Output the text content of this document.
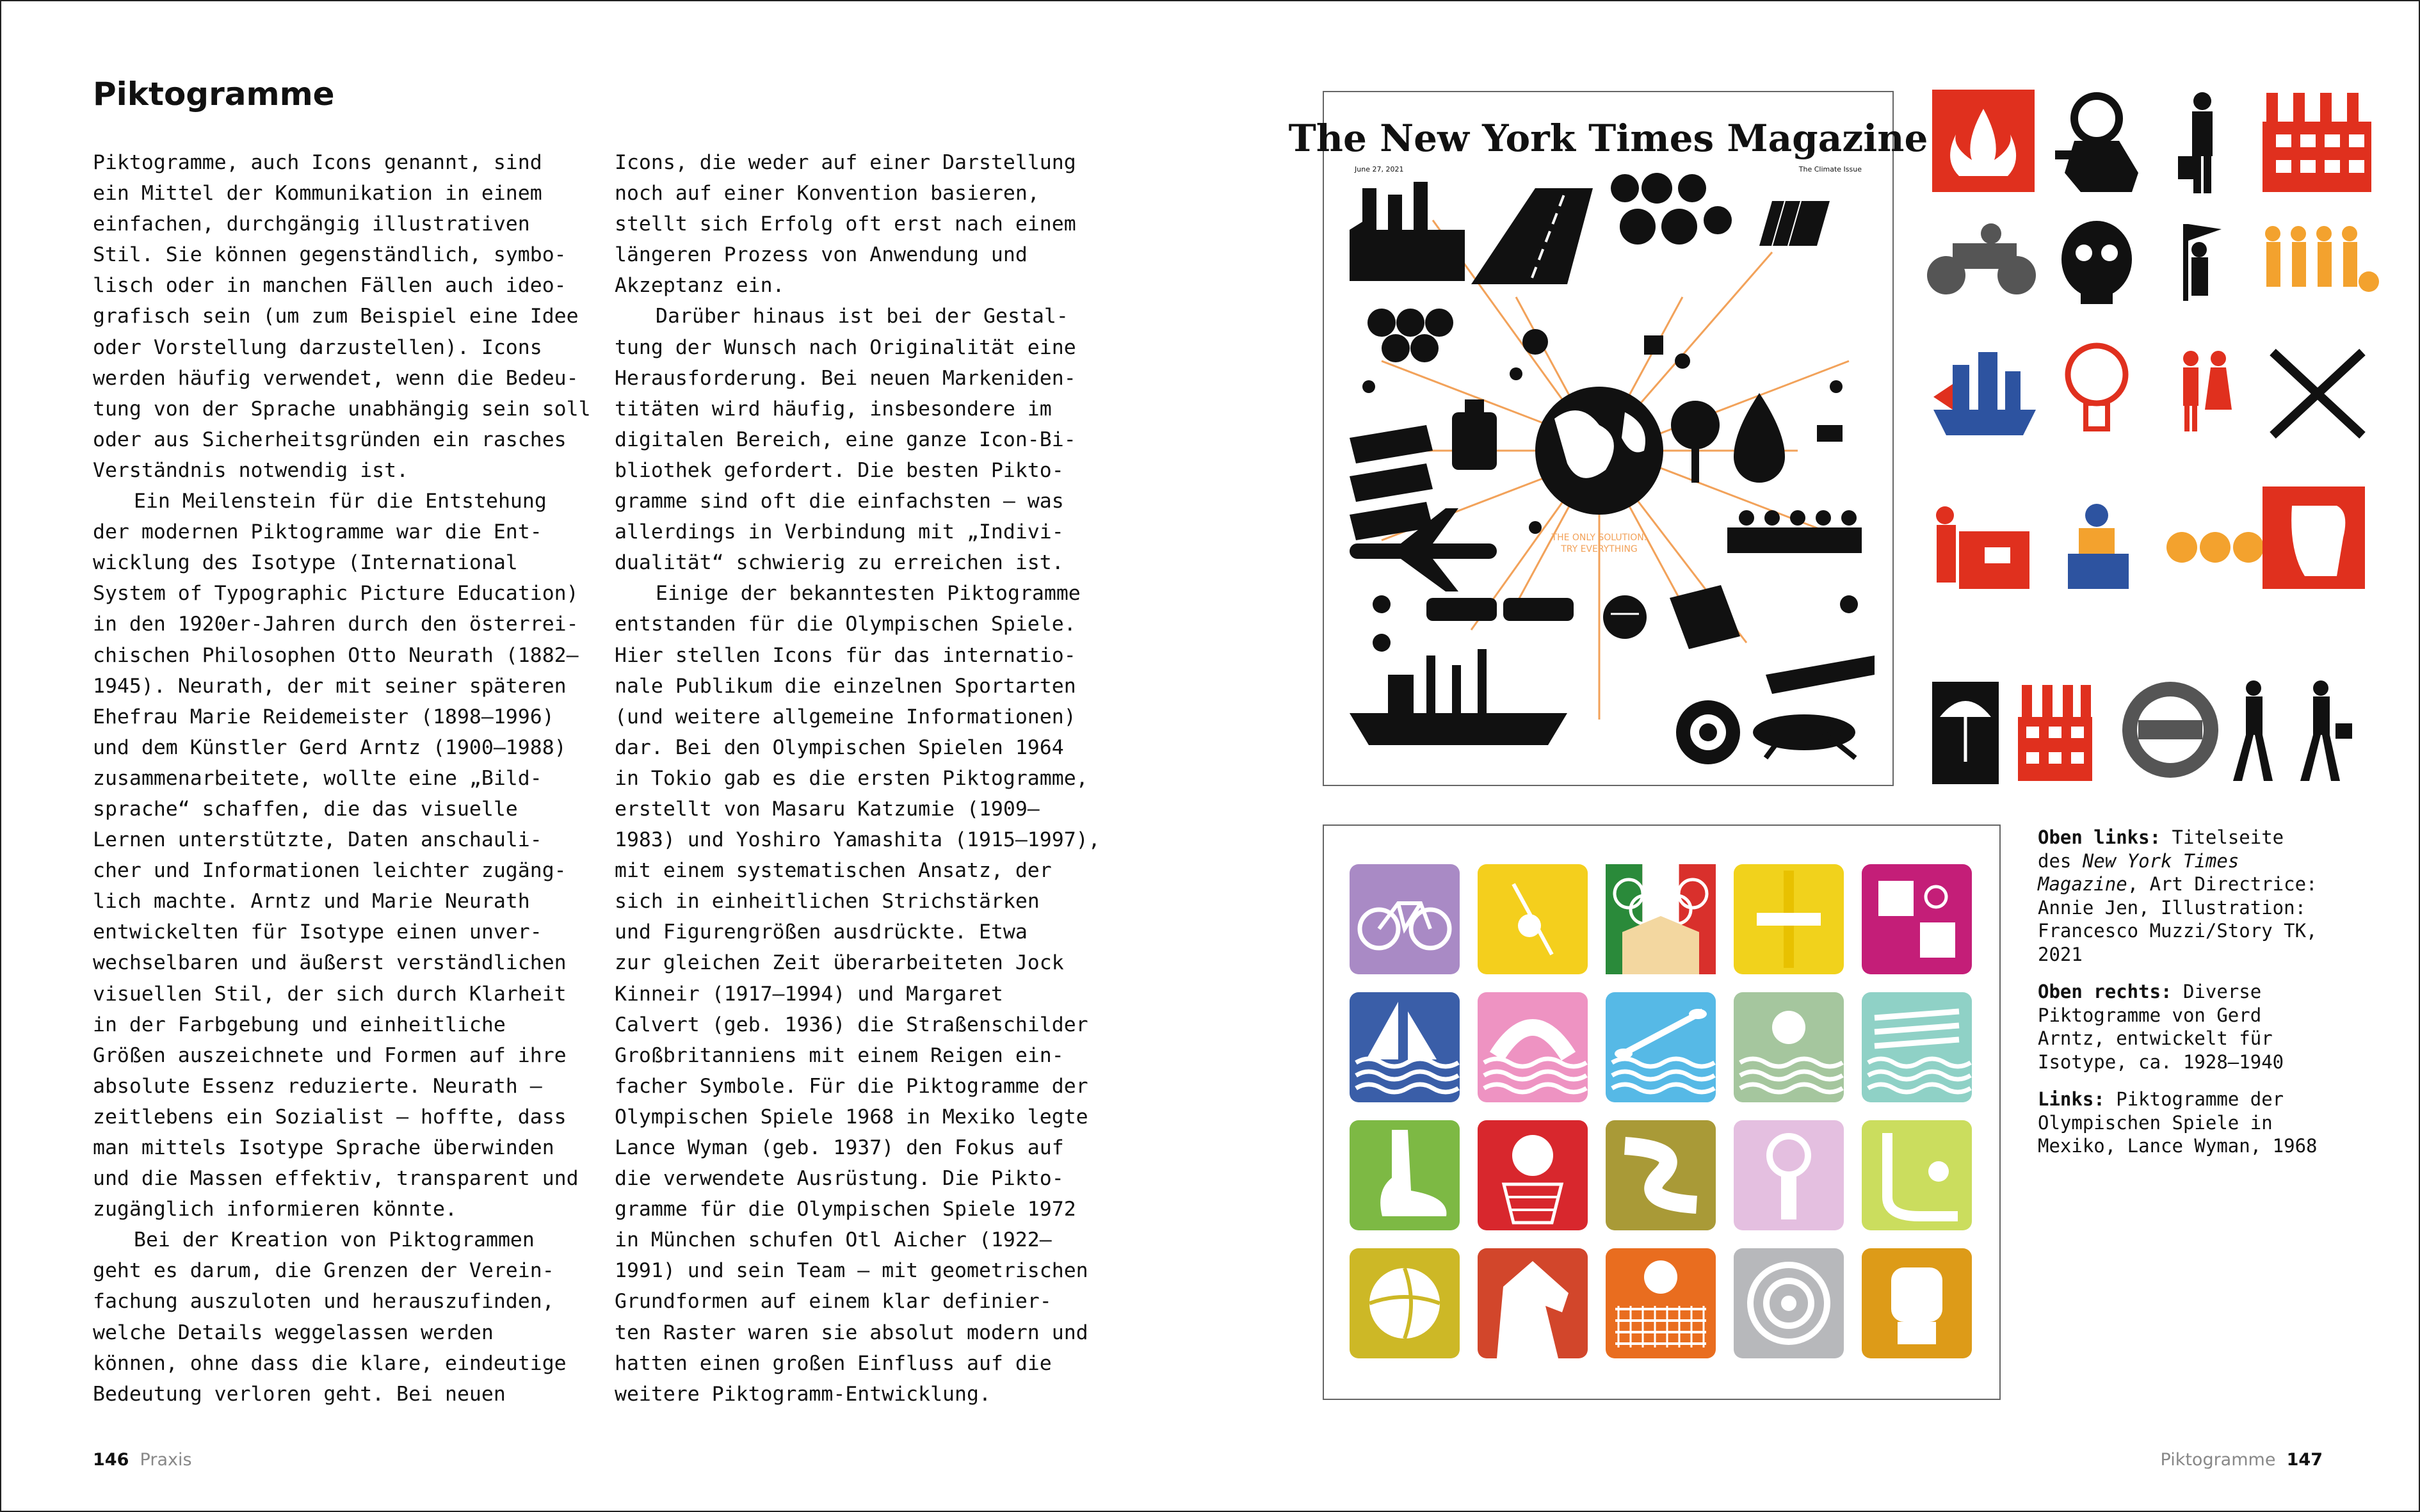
Piktogramme

Piktogramme, auch Icons genannt, sind
ein Mittel der Kommunikation in einem
einfachen, durchgängig illustrativen
Stil. Sie können gegenständlich, symbo-
lisch oder in manchen Fällen auch ideo-
grafisch sein (um zum Beispiel eine Idee
oder Vorstellung darzustellen). Icons
werden häufig verwendet, wenn die Bedeu-
tung von der Sprache unabhängig sein soll
oder aus Sicherheitsgründen ein rasches
Verständnis notwendig ist.

Ein Meilenstein für die Entstehung
der modernen Piktogramme war die Ent-
wicklung des Isotype (International
System of Typographic Picture Education)
in den 1920er-Jahren durch den österrei-
chischen Philosophen Otto Neurath (1882–
1945). Neurath, der mit seiner späteren
Ehefrau Marie Reidemeister (1898–1996)
und dem Künstler Gerd Arntz (1900–1988)
zusammenarbeitete, wollte eine „Bild-
sprache“ schaffen, die das visuelle
Lernen unterstützte, Daten anschauli-
cher und Informationen leichter zugäng-
lich machte. Arntz und Marie Neurath
entwickelten für Isotype einen unver-
wechselbaren und äußerst verständlichen
visuellen Stil, der sich durch Klarheit
in der Farbgebung und einheitliche
Größen auszeichnete und Formen auf ihre
absolute Essenz reduzierte. Neurath –
zeitlebens ein Sozialist – hoffte, dass
man mittels Isotype Sprache überwinden
und die Massen effektiv, transparent und
zugänglich informieren könnte.

Bei der Kreation von Piktogrammen
geht es darum, die Grenzen der Verein-
fachung auszuloten und herauszufinden,
welche Details weggelassen werden
können, ohne dass die klare, eindeutige
Bedeutung verloren geht. Bei neuen

Icons, die weder auf einer Darstellung
noch auf einer Konvention basieren,
stellt sich Erfolg oft erst nach einem
längeren Prozess von Anwendung und
Akzeptanz ein.

Darüber hinaus ist bei der Gestal-
tung der Wunsch nach Originalität eine
Herausforderung. Bei neuen Markeniden-
titäten wird häufig, insbesondere im
digitalen Bereich, eine ganze Icon-Bi-
bliothek gefordert. Die besten Pikto-
gramme sind oft die einfachsten – was
allerdings in Verbindung mit „Indivi-
dualität“ schwierig zu erreichen ist.

Einige der bekanntesten Piktogramme
entstanden für die Olympischen Spiele.
Hier stellen Icons für das internatio-
nale Publikum die einzelnen Sportarten
(und weitere allgemeine Informationen)
dar. Bei den Olympischen Spielen 1964
in Tokio gab es die ersten Piktogramme,
erstellt von Masaru Katzumie (1909–
1983) und Yoshiro Yamashita (1915–1997),
mit einem systematischen Ansatz, der
sich in einheitlichen Strichstärken
und Figurengrößen ausdrückte. Etwa
zur gleichen Zeit überarbeiteten Jock
Kinneir (1917–1994) und Margaret
Calvert (geb. 1936) die Straßenschilder
Großbritanniens mit einem Reigen ein-
facher Symbole. Für die Piktogramme der
Olympischen Spiele 1968 in Mexiko legte
Lance Wyman (geb. 1937) den Fokus auf
die verwendete Ausrüstung. Die Pikto-
gramme für die Olympischen Spiele 1972
in München schufen Otl Aicher (1922–
1991) und sein Team – mit geometrischen
Grundformen auf einem klar definier-
ten Raster waren sie absolut modern und
hatten einen großen Einfluss auf die
weitere Piktogramm-Entwicklung.

The New York Times Magazine
June 27, 2021	The Climate Issue
THE ONLY SOLUTION:
TRY EVERYTHING

Oben links: Titelseite
des New York Times
Magazine, Art Directrice:
Annie Jen, Illustration:
Francesco Muzzi/Story TK,
2021

Oben rechts: Diverse
Piktogramme von Gerd
Arntz, entwickelt für
Isotype, ca. 1928–1940

Links: Piktogramme der
Olympischen Spiele in
Mexiko, Lance Wyman, 1968

146 Praxis	Piktogramme 147
